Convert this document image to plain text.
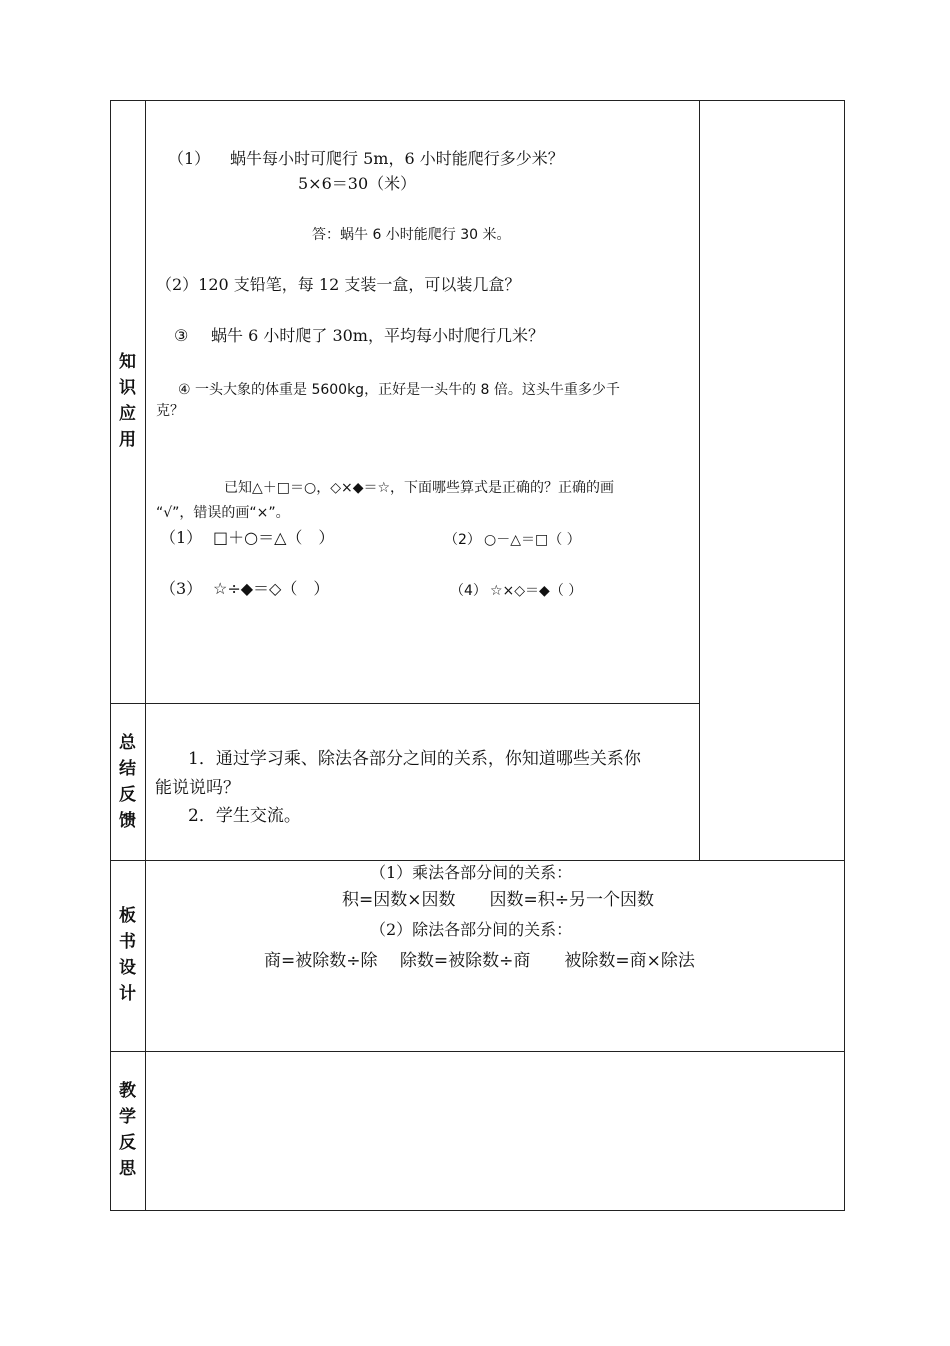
知
识
应
用
总
结
反
馈
板
书
设
计
教
学
反
思
（1） 蜗牛每小时可爬行 5m，6 小时能爬行多少米？
5×6＝30（米）
答：蜗牛 6 小时能爬行 30 米。
（2）120 支铅笔，每 12 支装一盒，可以装几盒？
③ 蜗牛 6 小时爬了 30m，平均每小时爬行几米？
④ 一头大象的体重是 5600kg，正好是一头牛的 8 倍。这头牛重多少千
克？
已知△＋□＝○，◇×◆＝☆，下面哪些算式是正确的？正确的画
“√”，错误的画“×”。
（1） □＋○＝△（　）	（2） ○－△＝□（ ）
（3） ☆÷◆＝◇（　）	（4） ☆×◇＝◆（ ）
1．通过学习乘、除法各部分之间的关系，你知道哪些关系你
能说说吗？
2．学生交流。
（1）乘法各部分间的关系：
积=因数×因数　　因数=积÷另一个因数
（2）除法各部分间的关系：
商=被除数÷除　 除数=被除数÷商　　被除数=商×除法
